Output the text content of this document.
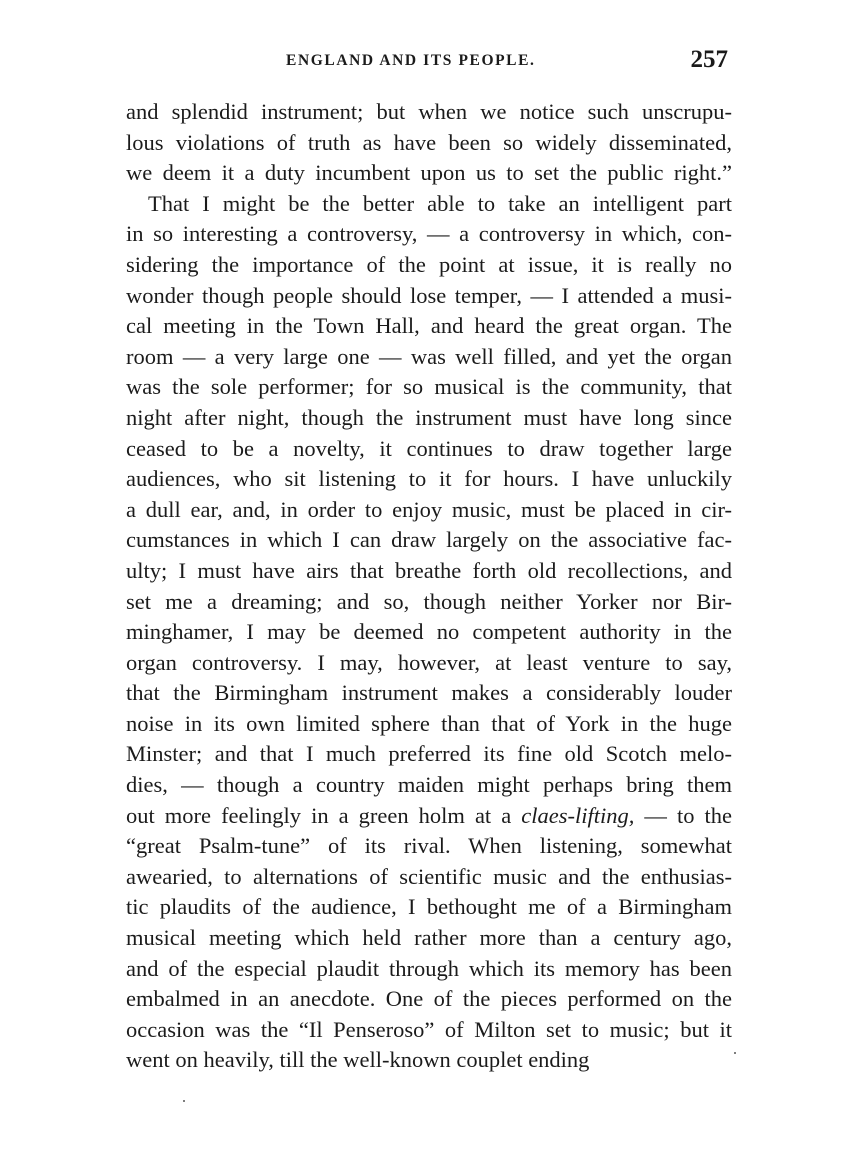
ENGLAND AND ITS PEOPLE.	257
and splendid instrument; but when we notice such unscrupu-
lous violations of truth as have been so widely disseminated,
we deem it a duty incumbent upon us to set the public right.”
That I might be the better able to take an intelligent part
in so interesting a controversy, — a controversy in which, con-
sidering the importance of the point at issue, it is really no
wonder though people should lose temper, — I attended a musi-
cal meeting in the Town Hall, and heard the great organ. The
room — a very large one — was well filled, and yet the organ
was the sole performer; for so musical is the community, that
night after night, though the instrument must have long since
ceased to be a novelty, it continues to draw together large
audiences, who sit listening to it for hours. I have unluckily
a dull ear, and, in order to enjoy music, must be placed in cir-
cumstances in which I can draw largely on the associative fac-
ulty; I must have airs that breathe forth old recollections, and
set me a dreaming; and so, though neither Yorker nor Bir-
minghamer, I may be deemed no competent authority in the
organ controversy. I may, however, at least venture to say,
that the Birmingham instrument makes a considerably louder
noise in its own limited sphere than that of York in the huge
Minster; and that I much preferred its fine old Scotch melo-
dies, — though a country maiden might perhaps bring them
out more feelingly in a green holm at a claes-lifting, — to the
“great Psalm-tune” of its rival. When listening, somewhat
awearied, to alternations of scientific music and the enthusias-
tic plaudits of the audience, I bethought me of a Birmingham
musical meeting which held rather more than a century ago,
and of the especial plaudit through which its memory has been
embalmed in an anecdote. One of the pieces performed on the
occasion was the “Il Penseroso” of Milton set to music; but it
went on heavily, till the well-known couplet ending
